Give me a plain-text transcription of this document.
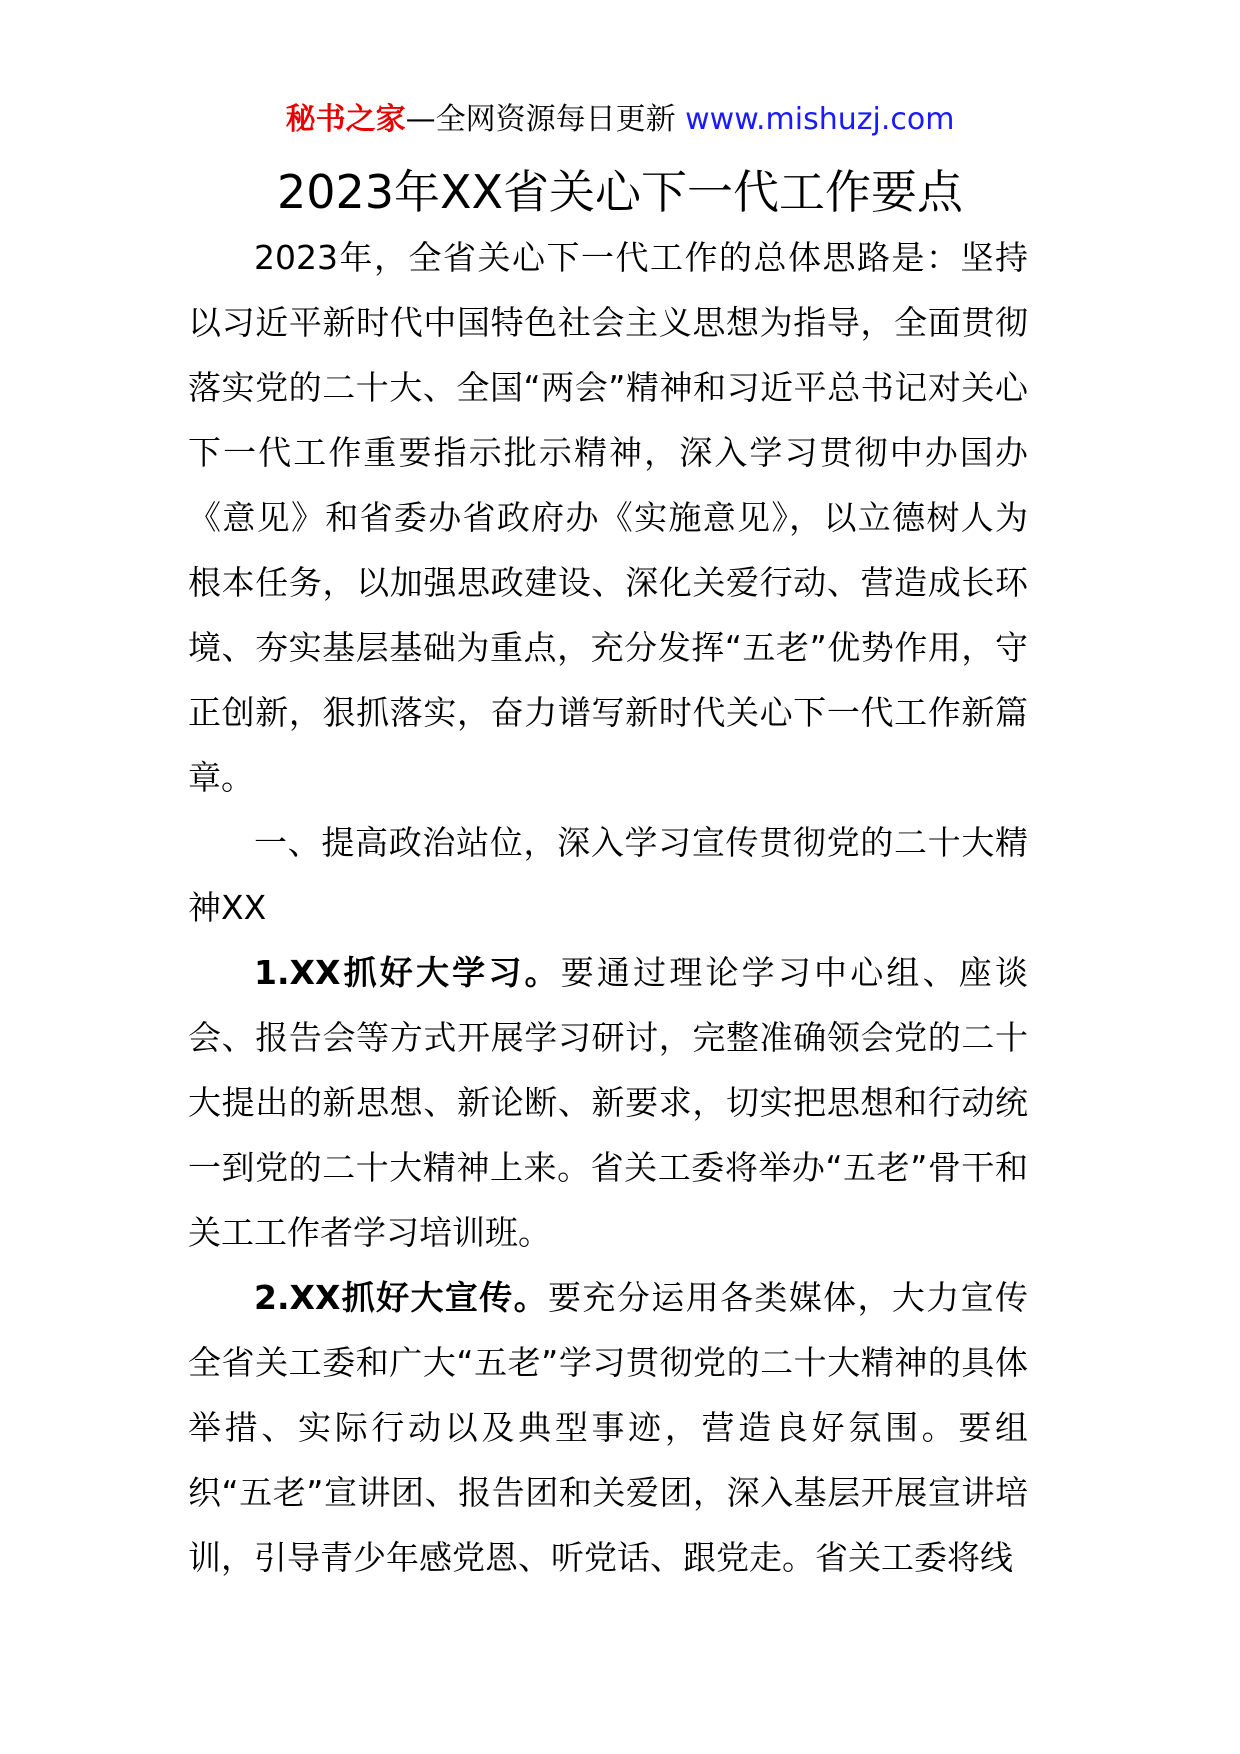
秘书之家—全网资源每日更新 www.mishuzj.com
2023年XX省关心下一代工作要点

2023年，全省关心下一代工作的总体思路是：坚持以习近平新时代中国特色社会主义思想为指导，全面贯彻落实党的二十大、全国“两会”精神和习近平总书记对关心下一代工作重要指示批示精神，深入学习贯彻中办国办《意见》和省委办省政府办《实施意见》，以立德树人为根本任务，以加强思政建设、深化关爱行动、营造成长环境、夯实基层基础为重点，充分发挥“五老”优势作用，守正创新，狠抓落实，奋力谱写新时代关心下一代工作新篇章。

一、提高政治站位，深入学习宣传贯彻党的二十大精神XX

1.XX抓好大学习。要通过理论学习中心组、座谈会、报告会等方式开展学习研讨，完整准确领会党的二十大提出的新思想、新论断、新要求，切实把思想和行动统一到党的二十大精神上来。省关工委将举办“五老”骨干和关工工作者学习培训班。

2.XX抓好大宣传。要充分运用各类媒体，大力宣传全省关工委和广大“五老”学习贯彻党的二十大精神的具体举措、实际行动以及典型事迹，营造良好氛围。要组织“五老”宣讲团、报告团和关爱团，深入基层开展宣讲培训，引导青少年感党恩、听党话、跟党走。省关工委将线
